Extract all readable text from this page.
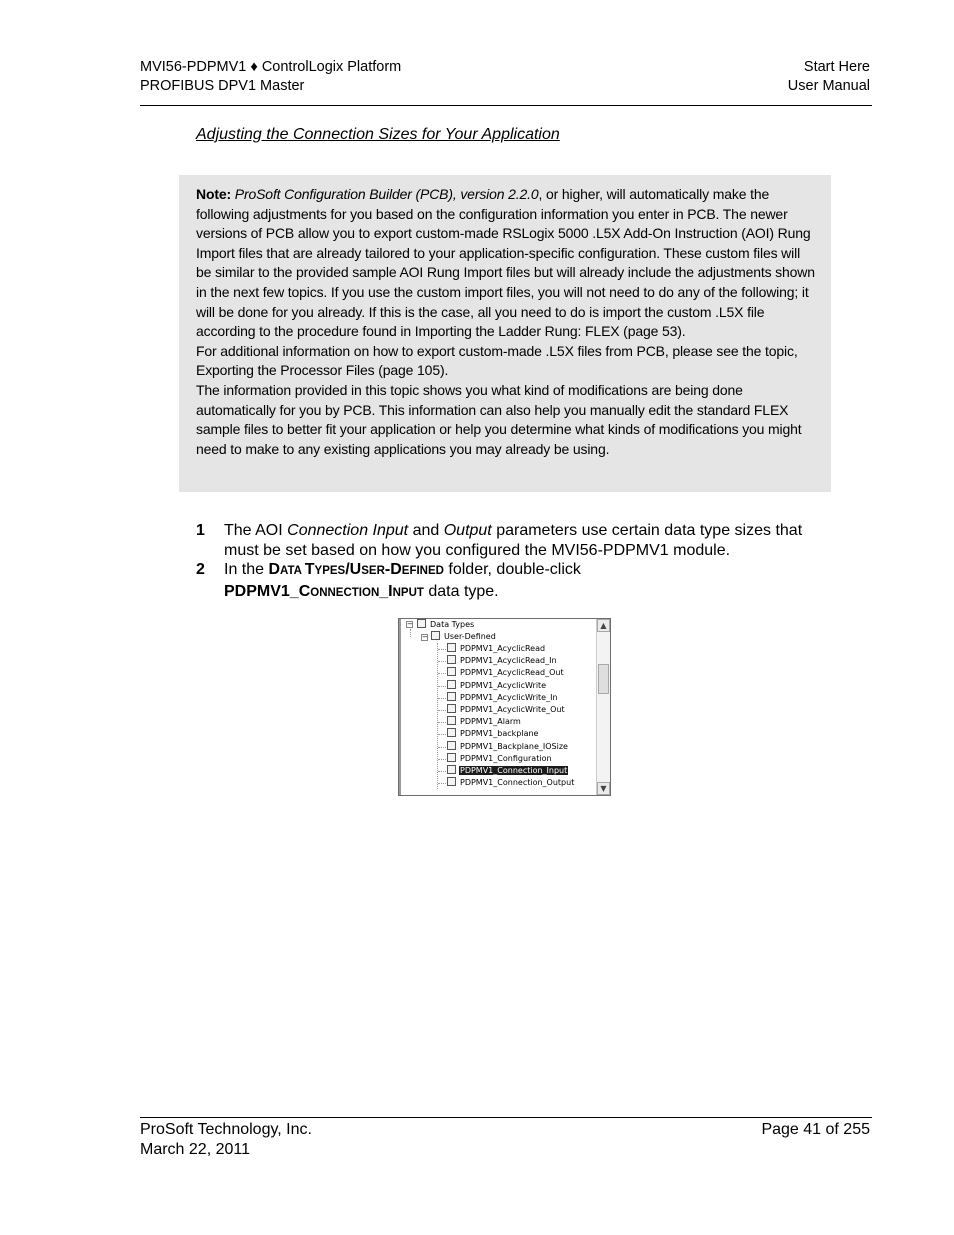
MVI56-PDPMV1 ♦ ControlLogix Platform
PROFIBUS DPV1 Master
Start Here
User Manual
Adjusting the Connection Sizes for Your Application

Note: ProSoft Configuration Builder (PCB), version 2.2.0, or higher, will automatically make the following adjustments for you based on the configuration information you enter in PCB. The newer versions of PCB allow you to export custom-made RSLogix 5000 .L5X Add-On Instruction (AOI) Rung Import files that are already tailored to your application-specific configuration. These custom files will be similar to the provided sample AOI Rung Import files but will already include the adjustments shown in the next few topics. If you use the custom import files, you will not need to do any of the following; it will be done for you already. If this is the case, all you need to do is import the custom .L5X file according to the procedure found in Importing the Ladder Rung: FLEX (page 53).

For additional information on how to export custom-made .L5X files from PCB, please see the topic, Exporting the Processor Files (page 105).

The information provided in this topic shows you what kind of modifications are being done automatically for you by PCB. This information can also help you manually edit the standard FLEX sample files to better fit your application or help you determine what kinds of modifications you might need to make to any existing applications you may already be using.

1	The AOI Connection Input and Output parameters use certain data type sizes that must be set based on how you configured the MVI56-PDPMV1 module.
2	In the DATA TYPES/USER-DEFINED folder, double-click
PDPMV1_CONNECTION_INPUT data type.
−	Data Types
−	User-Defined
PDPMV1_AcyclicRead
PDPMV1_AcyclicRead_In
PDPMV1_AcyclicRead_Out
PDPMV1_AcyclicWrite
PDPMV1_AcyclicWrite_In
PDPMV1_AcyclicWrite_Out
PDPMV1_Alarm
PDPMV1_backplane
PDPMV1_Backplane_IOSize
PDPMV1_Configuration
PDPMV1_Connection_Input
PDPMV1_Connection_Output
▲
▼
ProSoft Technology, Inc.
March 22, 2011
Page 41 of 255
